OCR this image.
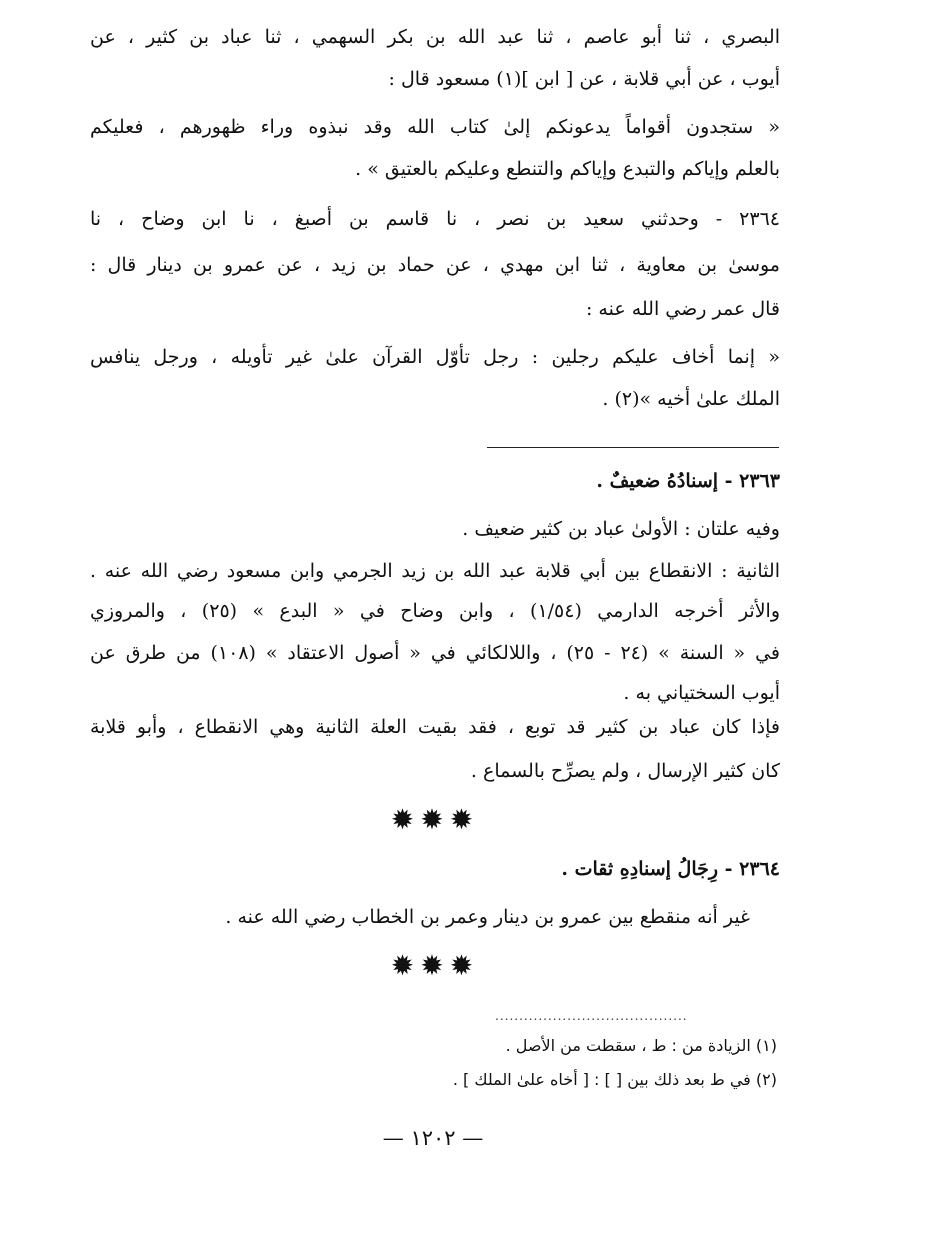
البصري ، ثنا أبو عاصم ، ثنا عبد الله بن بكر السهمي ، ثنا عباد بن كثير ، عن
أيوب ، عن أبي قلابة ، عن [ ابن ](١) مسعود قال :
« ستجدون أقواماً يدعونكم إلىٰ كتاب الله وقد نبذوه وراء ظهورهم ، فعليكم
بالعلم وإياكم والتبدع وإياكم والتنطع وعليكم بالعتيق » .
٢٣٦٤ - وحدثني سعيد بن نصر ، نا قاسم بن أصبغ ، نا ابن وضاح ، نا
موسىٰ بن معاوية ، ثنا ابن مهدي ، عن حماد بن زيد ، عن عمرو بن دينار قال :
قال عمر رضي الله عنه :
« إنما أخاف عليكم رجلين : رجل تأوّل القرآن علىٰ غير تأويله ، ورجل ينافس
الملك علىٰ أخيه »(٢) .
٢٣٦٣ - إسنادُهُ ضعيفٌ .
وفيه علتان : الأولىٰ عباد بن كثير ضعيف .
الثانية : الانقطاع بين أبي قلابة عبد الله بن زيد الجرمي وابن مسعود رضي الله عنه .
والأثر أخرجه الدارمي (١/٥٤) ، وابن وضاح في « البدع » (٢٥) ، والمروزي
في « السنة » (٢٤ - ٢٥) ، واللالكائي في « أصول الاعتقاد » (١٠٨) من طرق عن
أيوب السختياني به .
فإذا كان عباد بن كثير قد توبع ، فقد بقيت العلة الثانية وهي الانقطاع ، وأبو قلابة
كان كثير الإرسال ، ولم يصرِّح بالسماع .
✹✹✹
٢٣٦٤ - رِجَالُ إسنادِهِ ثقات .
غير أنه منقطع بين عمرو بن دينار وعمر بن الخطاب رضي الله عنه .
✹✹✹
........................................
(١) الزيادة من : ط ، سقطت من الأصل .
(٢) في ط بعد ذلك بين [ ] : [ أخاه علىٰ الملك ] .
— ١٢٠٢ —
